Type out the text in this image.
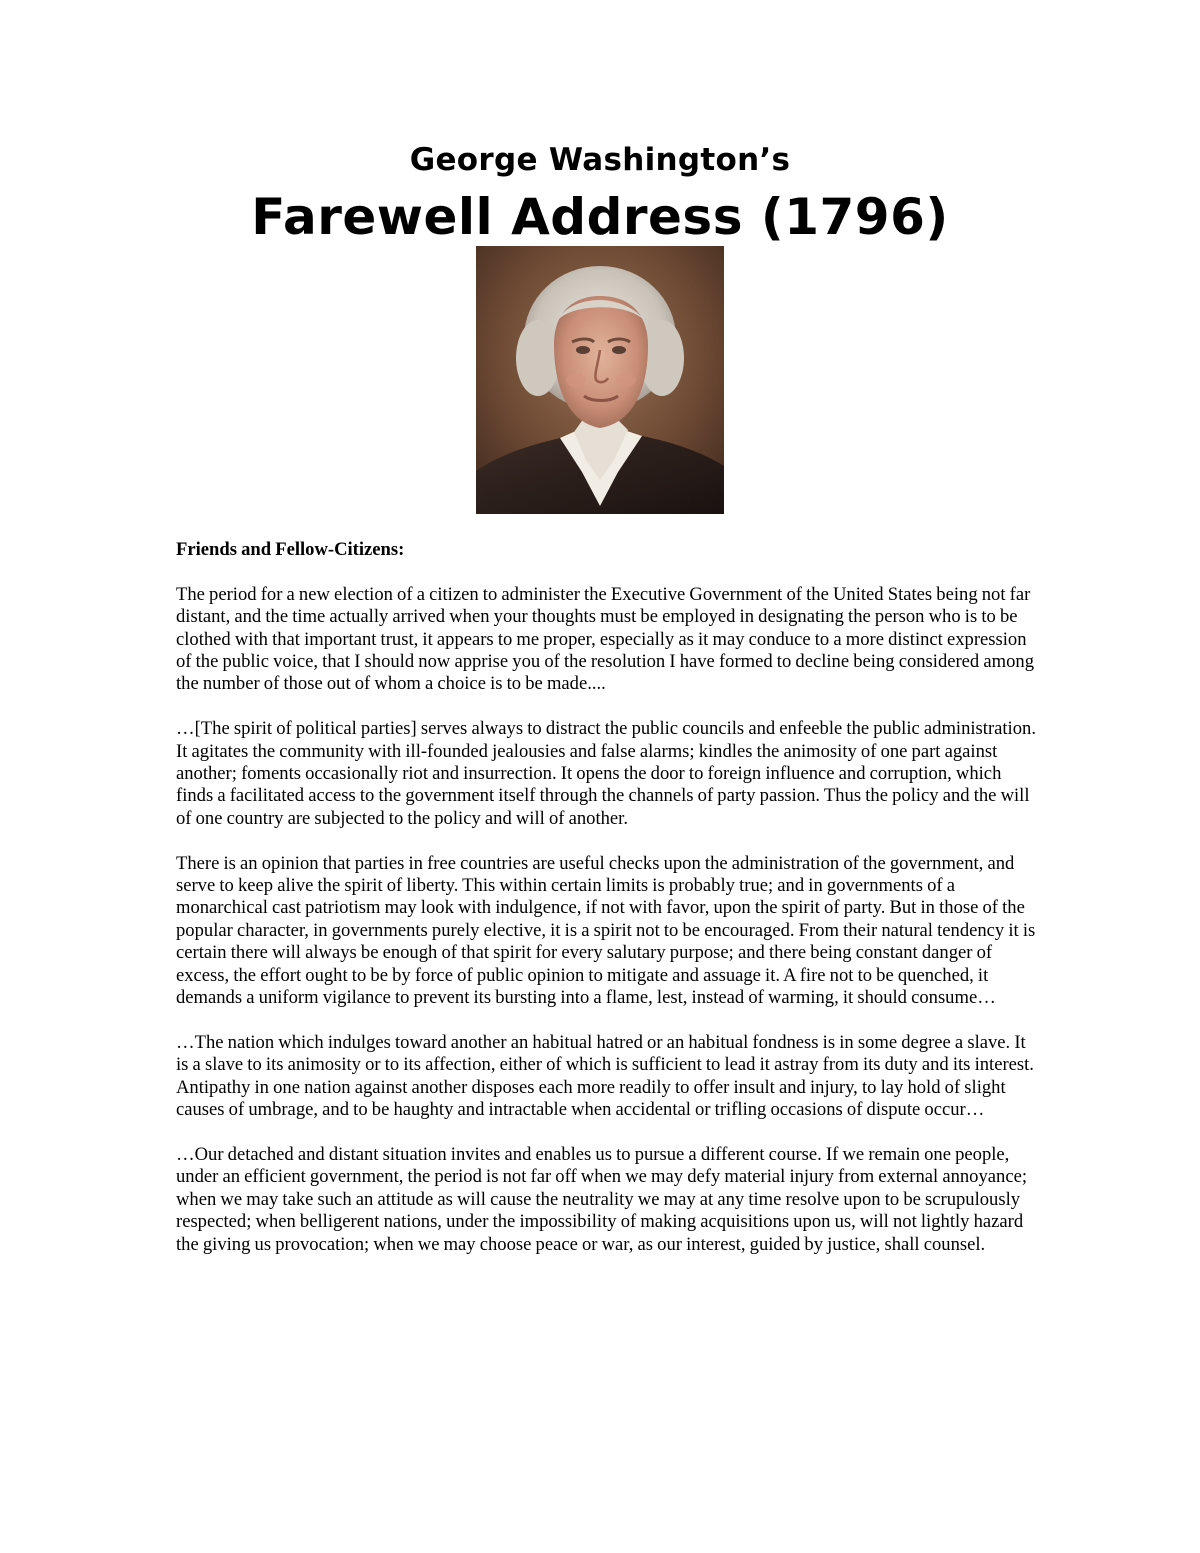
George Washington’s
Farewell Address (1796)

Friends and Fellow-Citizens:

The period for a new election of a citizen to administer the Executive Government of the United States being not far distant, and the time actually arrived when your thoughts must be employed in designating the person who is to be clothed with that important trust, it appears to me proper, especially as it may conduce to a more distinct expression of the public voice, that I should now apprise you of the resolution I have formed to decline being considered among the number of those out of whom a choice is to be made....

…[The spirit of political parties] serves always to distract the public councils and enfeeble the public administration. It agitates the community with ill-founded jealousies and false alarms; kindles the animosity of one part against another; foments occasionally riot and insurrection. It opens the door to foreign influence and corruption, which finds a facilitated access to the government itself through the channels of party passion. Thus the policy and the will of one country are subjected to the policy and will of another.

There is an opinion that parties in free countries are useful checks upon the administration of the government, and serve to keep alive the spirit of liberty. This within certain limits is probably true; and in governments of a monarchical cast patriotism may look with indulgence, if not with favor, upon the spirit of party. But in those of the popular character, in governments purely elective, it is a spirit not to be encouraged. From their natural tendency it is certain there will always be enough of that spirit for every salutary purpose; and there being constant danger of excess, the effort ought to be by force of public opinion to mitigate and assuage it. A fire not to be quenched, it demands a uniform vigilance to prevent its bursting into a flame, lest, instead of warming, it should consume…

…The nation which indulges toward another an habitual hatred or an habitual fondness is in some degree a slave. It is a slave to its animosity or to its affection, either of which is sufficient to lead it astray from its duty and its interest. Antipathy in one nation against another disposes each more readily to offer insult and injury, to lay hold of slight causes of umbrage, and to be haughty and intractable when accidental or trifling occasions of dispute occur…

…Our detached and distant situation invites and enables us to pursue a different course. If we remain one people, under an efficient government, the period is not far off when we may defy material injury from external annoyance; when we may take such an attitude as will cause the neutrality we may at any time resolve upon to be scrupulously respected; when belligerent nations, under the impossibility of making acquisitions upon us, will not lightly hazard the giving us provocation; when we may choose peace or war, as our interest, guided by justice, shall counsel.
